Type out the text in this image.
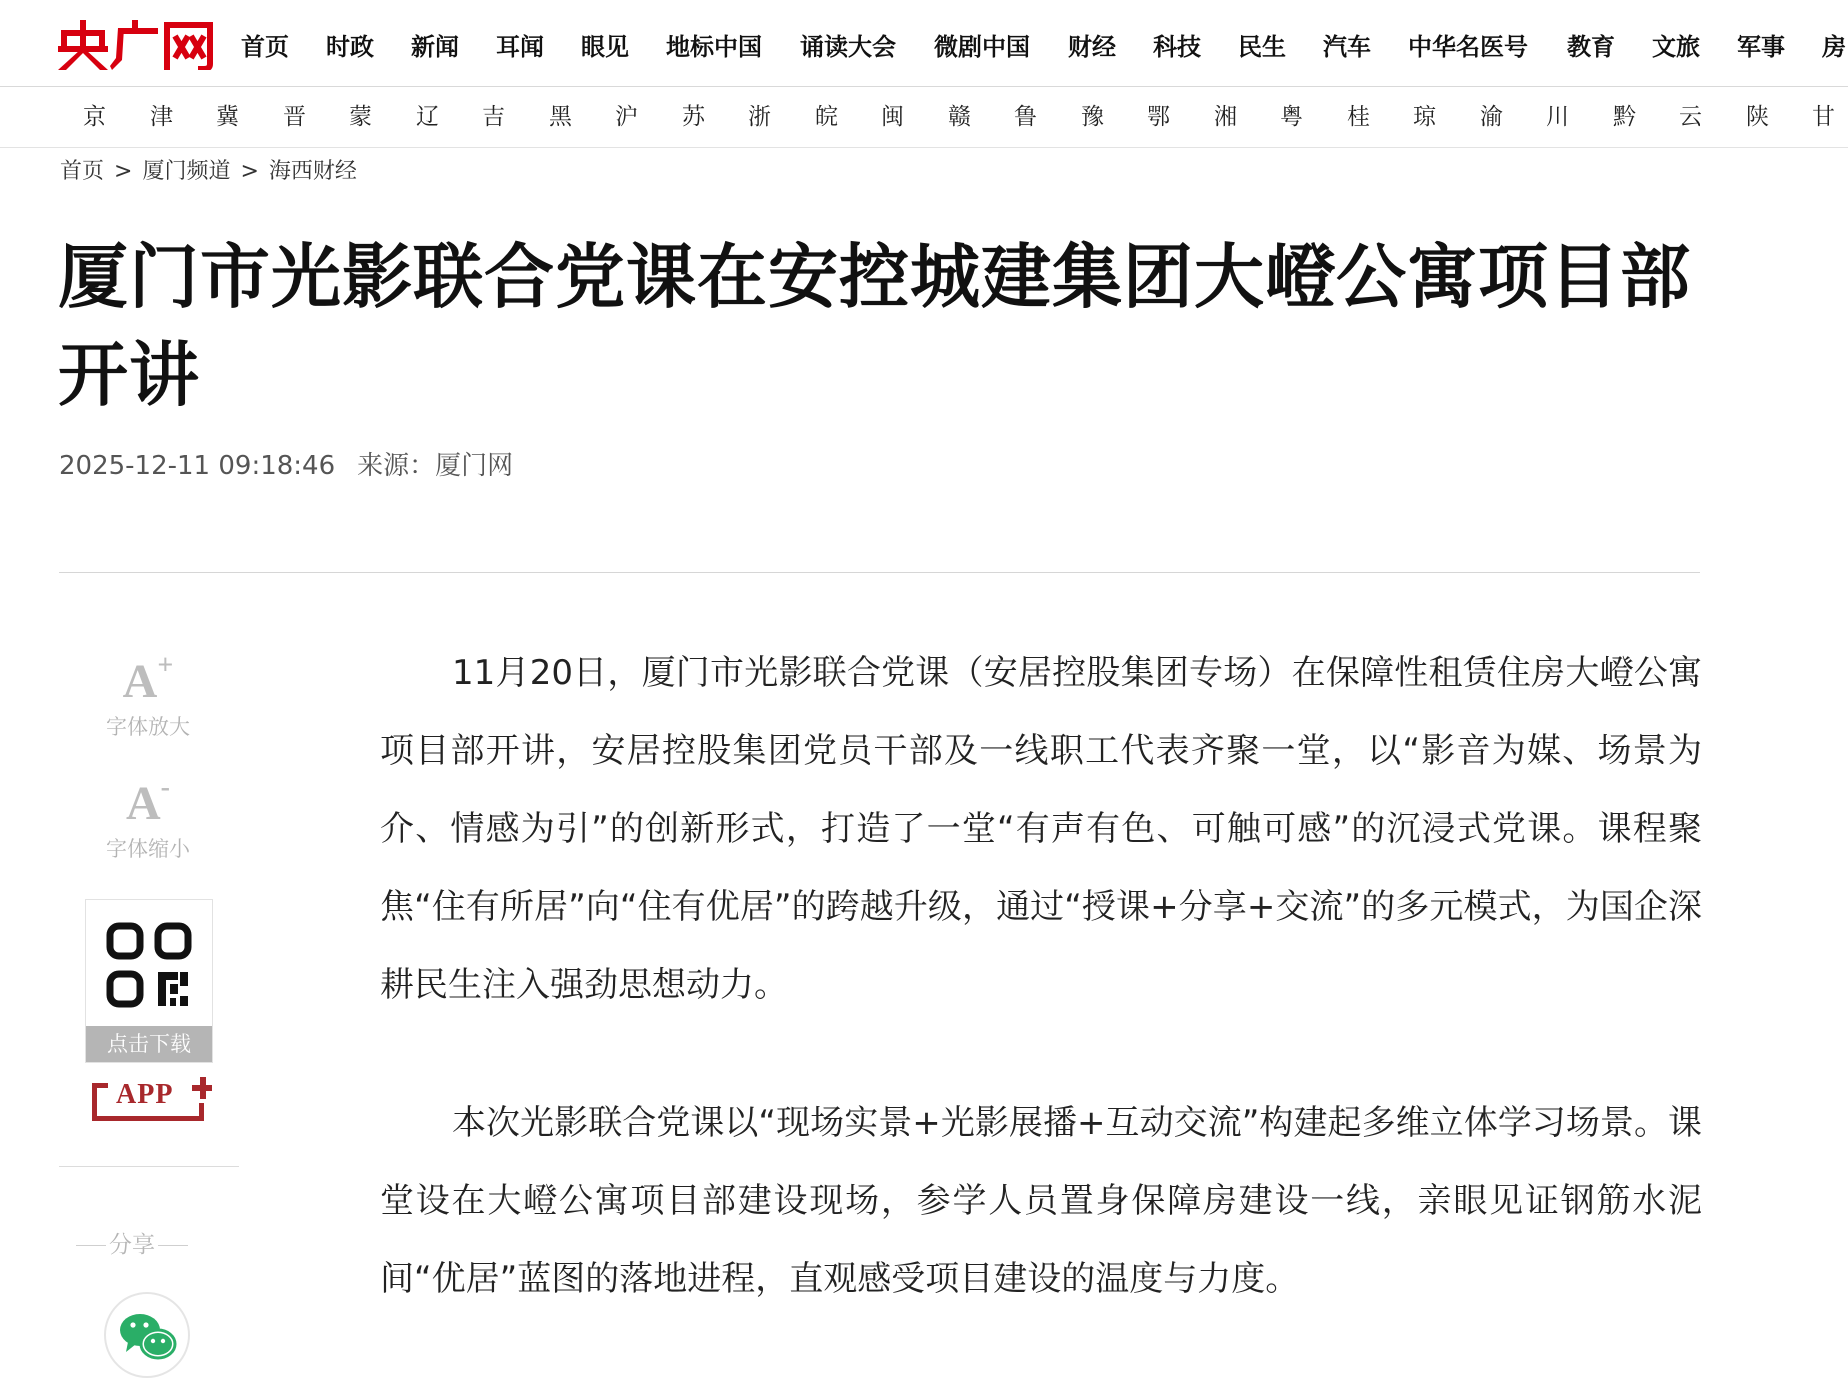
首页 时政 新闻 耳闻 眼见 地标中国 诵读大会 微剧中国 财经 科技 民生 汽车 中华名医号 教育 文旅 军事 房
京 津 冀 晋 蒙 辽 吉 黑 沪 苏 浙 皖 闽 赣 鲁 豫 鄂 湘 粤 桂 琼 渝 川 黔 云 陕 甘
首页 > 厦门频道 > 海西财经
厦门市光影联合党课在安控城建集团大嶝公寓项目部开讲
2025-12-11 09:18:46 来源：厦门网
A+
字体放大
A-
字体缩小
点击下载
APP
分享

11月20日，厦门市光影联合党课（安居控股集团专场）在保障性租赁住房大嶝公寓项目部开讲，安居控股集团党员干部及一线职工代表齐聚一堂，以“影音为媒、场景为介、情感为引”的创新形式，打造了一堂“有声有色、可触可感”的沉浸式党课。课程聚焦“住有所居”向“住有优居”的跨越升级，通过“授课+分享+交流”的多元模式，为国企深耕民生注入强劲思想动力。

本次光影联合党课以“现场实景+光影展播+互动交流”构建起多维立体学习场景。课堂设在大嶝公寓项目部建设现场，参学人员置身保障房建设一线，亲眼见证钢筋水泥间“优居”蓝图的落地进程，直观感受项目建设的温度与力度。
